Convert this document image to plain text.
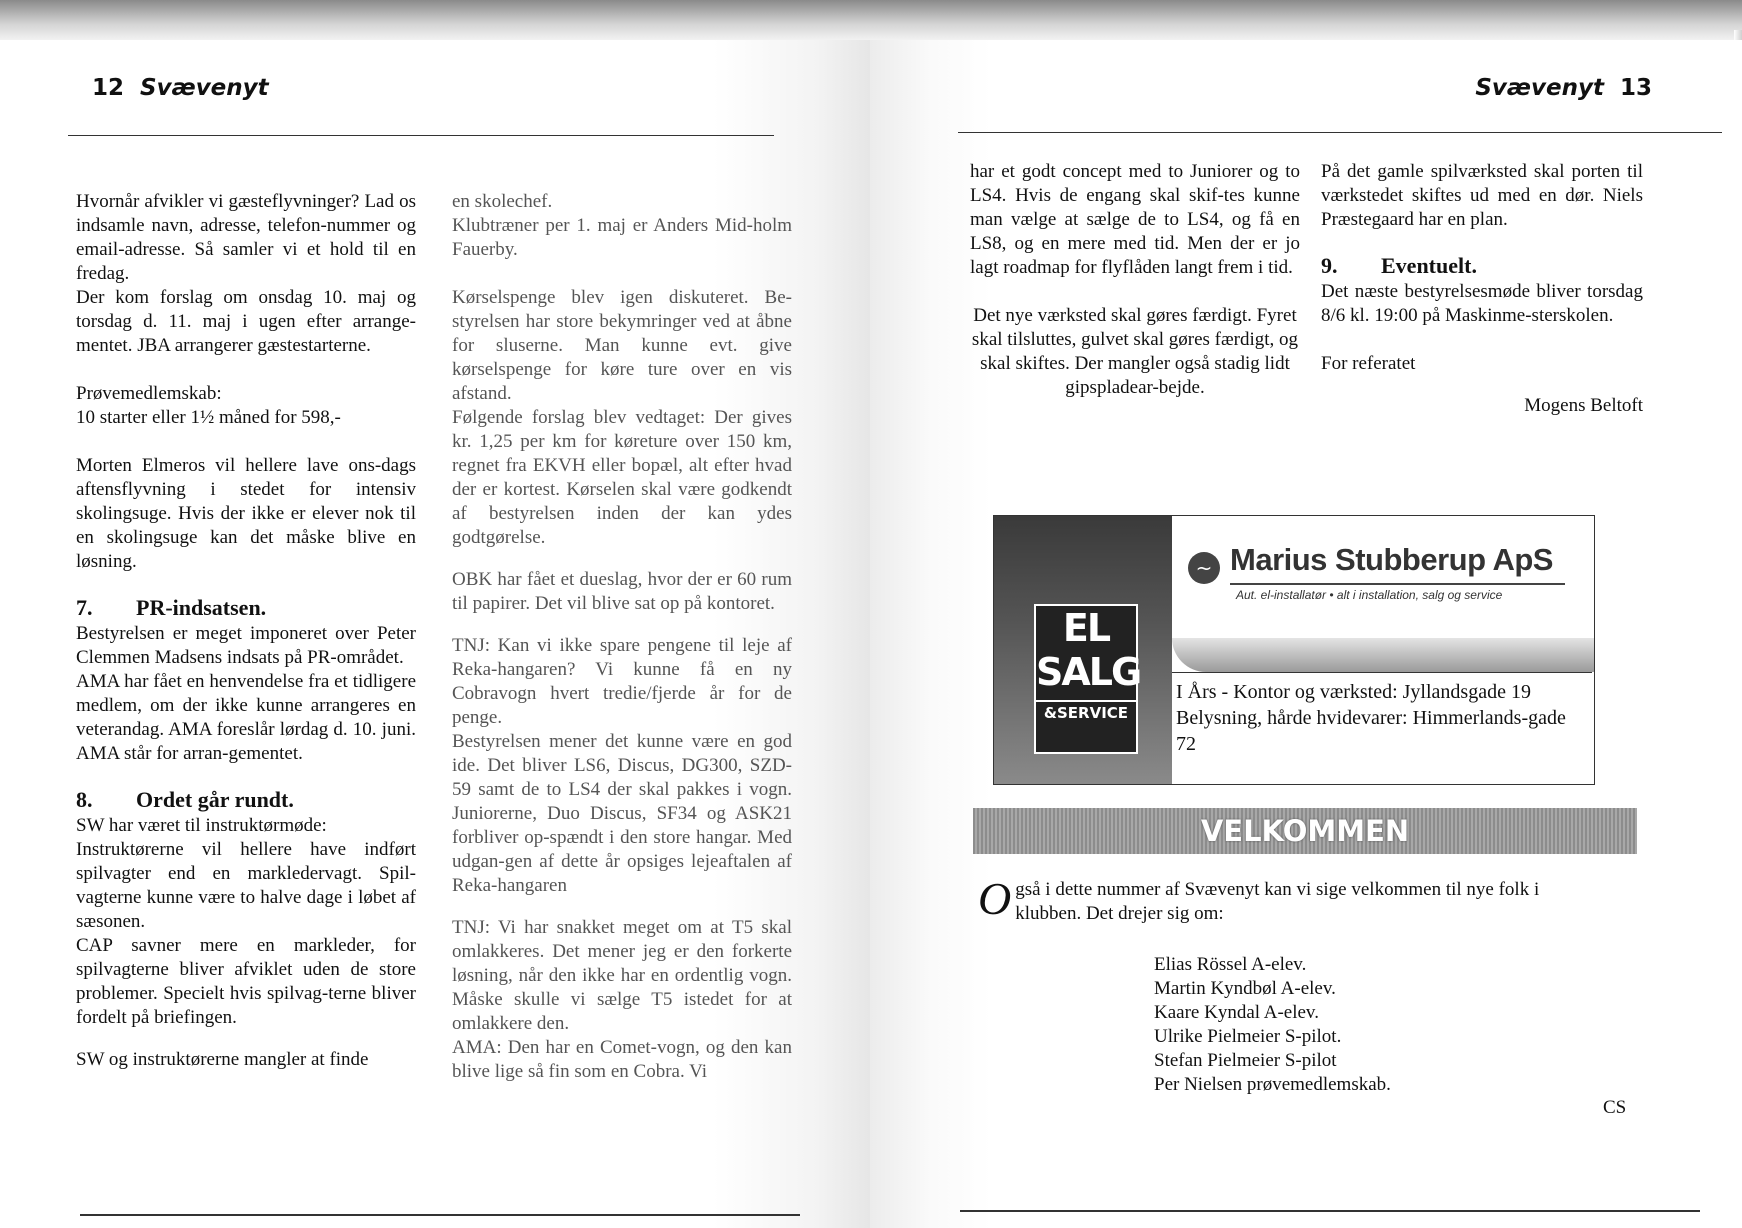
12 Svævenyt

Hvornår afvikler vi gæsteflyvninger? Lad os indsamle navn, adresse, telefon-nummer og email-adresse. Så samler vi et hold til en fredag.

Der kom forslag om onsdag 10. maj og torsdag d. 11. maj i ugen efter arrange-mentet. JBA arrangerer gæstestarterne.

Prøvemedlemskab:

10 starter eller 1½ måned for 598,-

Morten Elmeros vil hellere lave ons-dags aftensflyvning i stedet for intensiv skolingsuge. Hvis der ikke er elever nok til en skolingsuge kan det måske blive en løsning.

7. PR-indsatsen.

Bestyrelsen er meget imponeret over Peter Clemmen Madsens indsats på PR-området.

AMA har fået en henvendelse fra et tidligere medlem, om der ikke kunne arrangeres en veterandag. AMA foreslår lørdag d. 10. juni. AMA står for arran-gementet.

8. Ordet går rundt.

SW har været til instruktørmøde:

Instruktørerne vil hellere have indført spilvagter end en markledervagt. Spil-vagterne kunne være to halve dage i løbet af sæsonen.

CAP savner mere en markleder, for spilvagterne bliver afviklet uden de store problemer. Specielt hvis spilvag-terne bliver fordelt på briefingen.

SW og instruktørerne mangler at finde

en skolechef.

Klubtræner per 1. maj er Anders Mid-holm Fauerby.

Kørselspenge blev igen diskuteret. Be-styrelsen har store bekymringer ved at åbne for sluserne. Man kunne evt. give kørselspenge for køre ture over en vis afstand.

Følgende forslag blev vedtaget: Der gives kr. 1,25 per km for køreture over 150 km, regnet fra EKVH eller bopæl, alt efter hvad der er kortest. Kørselen skal være godkendt af bestyrelsen inden der kan ydes godtgørelse.

OBK har fået et dueslag, hvor der er 60 rum til papirer. Det vil blive sat op på kontoret.

TNJ: Kan vi ikke spare pengene til leje af Reka-hangaren? Vi kunne få en ny Cobravogn hvert tredie/fjerde år for de penge.

Bestyrelsen mener det kunne være en god ide. Det bliver LS6, Discus, DG300, SZD-59 samt de to LS4 der skal pakkes i vogn. Juniorerne, Duo Discus, SF34 og ASK21 forbliver op-spændt i den store hangar. Med udgan-gen af dette år opsiges lejeaftalen af Reka-hangaren

TNJ: Vi har snakket meget om at T5 skal omlakkeres. Det mener jeg er den forkerte løsning, når den ikke har en ordentlig vogn. Måske skulle vi sælge T5 istedet for at omlakkere den.

AMA: Den har en Comet-vogn, og den kan blive lige så fin som en Cobra. Vi

Svævenyt 13

har et godt concept med to Juniorer og to LS4. Hvis de engang skal skif-tes kunne man vælge at sælge de to LS4, og få en LS8, og en mere med tid. Men der er jo lagt roadmap for flyflåden langt frem i tid.

Det nye værksted skal gøres færdigt. Fyret skal tilsluttes, gulvet skal gøres færdigt, og skal skiftes. Der mangler også stadig lidt gipspladear-bejde.

På det gamle spilværksted skal porten til værkstedet skiftes ud med en dør. Niels Præstegaard har en plan.

9. Eventuelt.

Det næste bestyrelsesmøde bliver torsdag 8/6 kl. 19:00 på Maskinme-sterskolen.

For referatet

Mogens Beltoft

EL
SALG
&SERVICE
~ Marius Stubberup ApS
Aut. el-installatør • alt i installation, salg og service

I Års - Kontor og værksted: Jyllandsgade 19

Belysning, hårde hvidevarer: Himmerlands-gade 72

VELKOMMEN
O gså i dette nummer af Svævenyt kan vi sige velkommen til nye folk i klubben. Det drejer sig om:

Elias Rössel A-elev.

Martin Kyndbøl A-elev.

Kaare Kyndal A-elev.

Ulrike Pielmeier S-pilot.

Stefan Pielmeier S-pilot

Per Nielsen prøvemedlemskab.

CS
